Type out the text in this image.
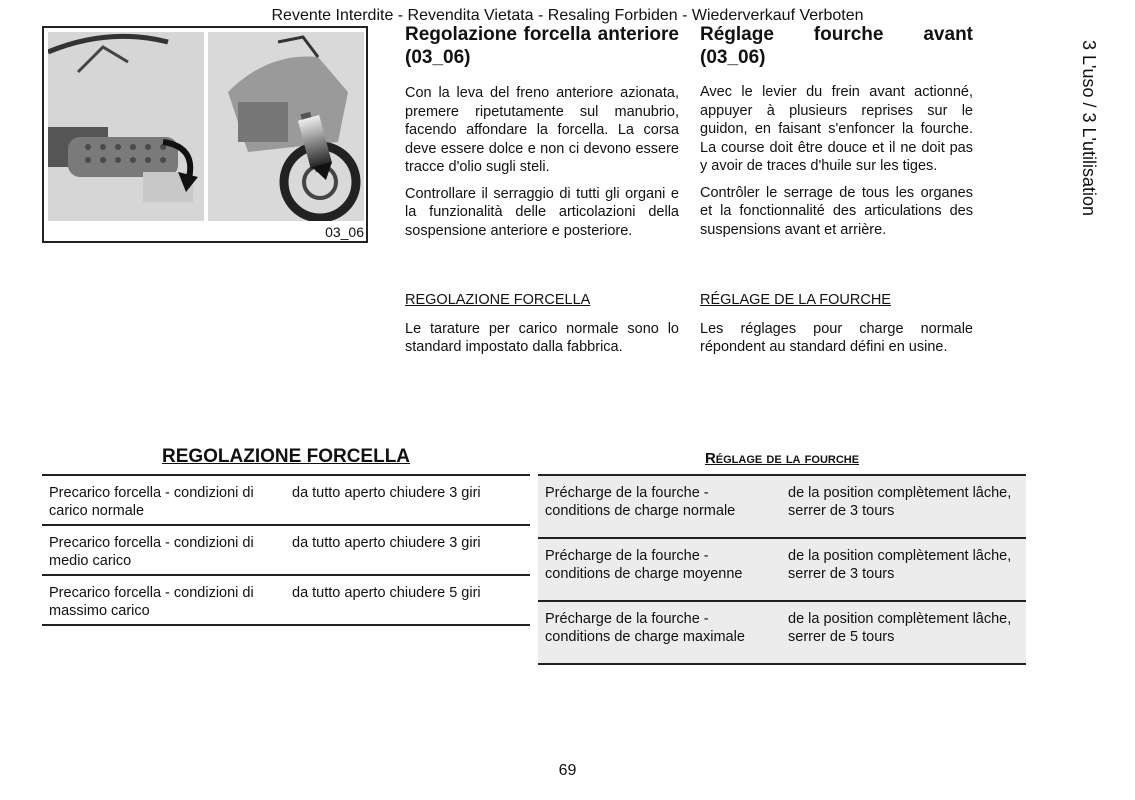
Revente Interdite - Revendita Vietata - Resaling Forbiden - Wiederverkauf Verboten
3 L'uso / 3 L'utilisation
03_06
Regolazione forcella anteriore (03_06)

Con la leva del freno anteriore azionata, premere ripetutamente sul manubrio, facendo affondare la forcella. La corsa deve essere dolce e non ci devono essere tracce d'olio sugli steli.

Controllare il serraggio di tutti gli organi e la funzionalità delle articolazioni della sospensione anteriore e posteriore.

REGOLAZIONE FORCELLA

Le tarature per carico normale sono lo standard impostato dalla fabbrica.

Réglage fourche avant (03_06)

Avec le levier du frein avant actionné, appuyer à plusieurs reprises sur le guidon, en faisant s'enfoncer la fourche. La course doit être douce et il ne doit pas y avoir de traces d'huile sur les tiges.

Contrôler le serrage de tous les organes et la fonctionnalité des articulations des suspensions avant et arrière.

RÉGLAGE DE LA FOURCHE

Les réglages pour charge normale répondent au standard défini en usine.

REGOLAZIONE FORCELLA
Precarico forcella - condizioni di carico normale	da tutto aperto chiudere 3 giri
Precarico forcella - condizioni di medio carico	da tutto aperto chiudere 3 giri
Precarico forcella - condizioni di massimo carico	da tutto aperto chiudere 5 giri
Réglage de la fourche
Précharge de la fourche - conditions de charge normale	de la position complètement lâche, serrer de 3 tours
Précharge de la fourche - conditions de charge moyenne	de la position complètement lâche, serrer de 3 tours
Précharge de la fourche - conditions de charge maximale	de la position complètement lâche, serrer de 5 tours
69
